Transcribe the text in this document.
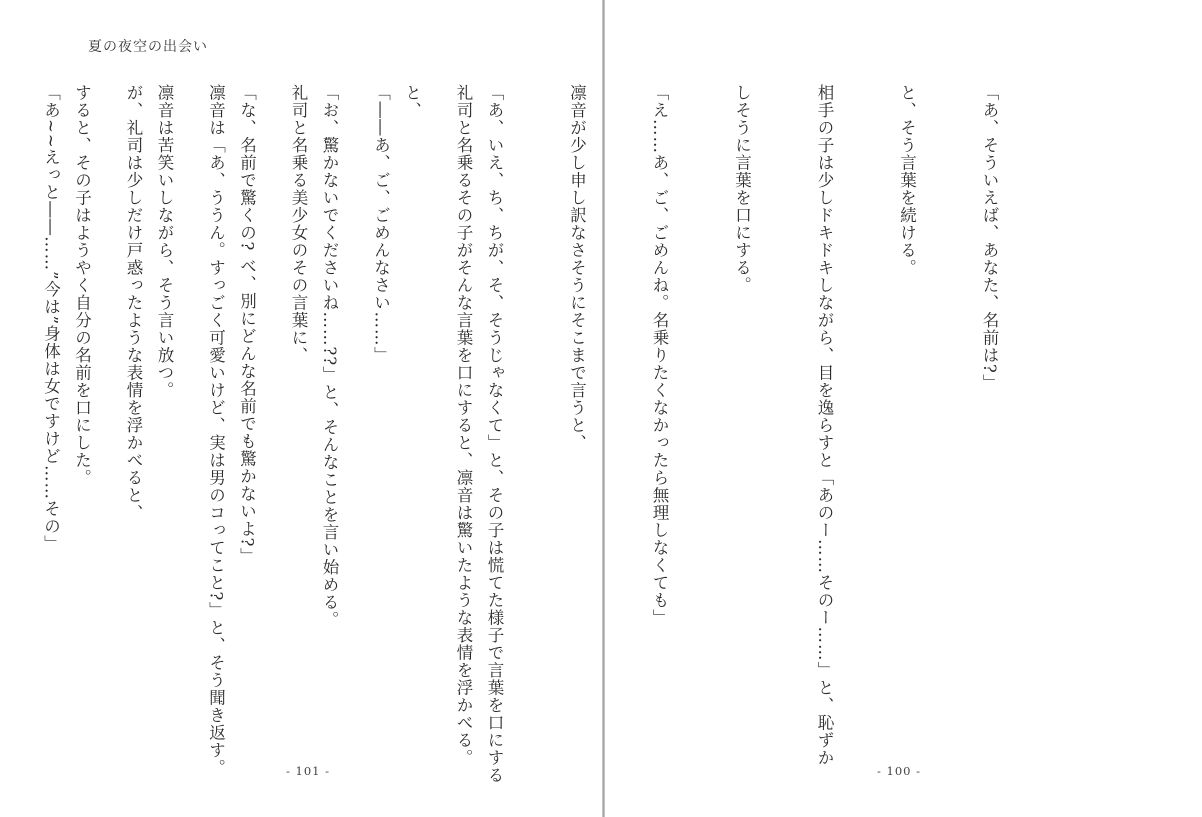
夏の夜空の出会い

礼司と名乗るその子がそんな言葉を口にすると、凛音は驚いたような表情を浮かべる。

「――あ、ご、ごめんなさい……」

礼司と名乗る美少女のその言葉に、

凛音は「あ、ううん。すっごく可愛いけど、実は男のコってこと?」と、そう聞き返す。

が、礼司は少しだけ戸惑ったような表情を浮かべると、

「あ~~えっと――……”今は”身体は女ですけど……その」

- 101 -

「あ、そういえば、あなた、名前は?」

と、そう言葉を続ける。

相手の子は少しドキドキしながら、目を逸らすと「あのー……そのー……」と、恥ずか

しそうに言葉を口にする。

「え……あ、ご、ごめんね。名乗りたくなかったら無理しなくても」

凛音が少し申し訳なさそうにそこまで言うと、

「あ、いえ、ち、ちが、そ、そうじゃなくて」と、その子は慌てた様子で言葉を口にする

と、

「お、驚かないでくださいね……??」と、そんなことを言い始める。

「な、名前で驚くの? べ、別にどんな名前でも驚かないよ?」

凛音は苦笑いしながら、そう言い放つ。

すると、その子はようやく自分の名前を口にした。

- 100 -
